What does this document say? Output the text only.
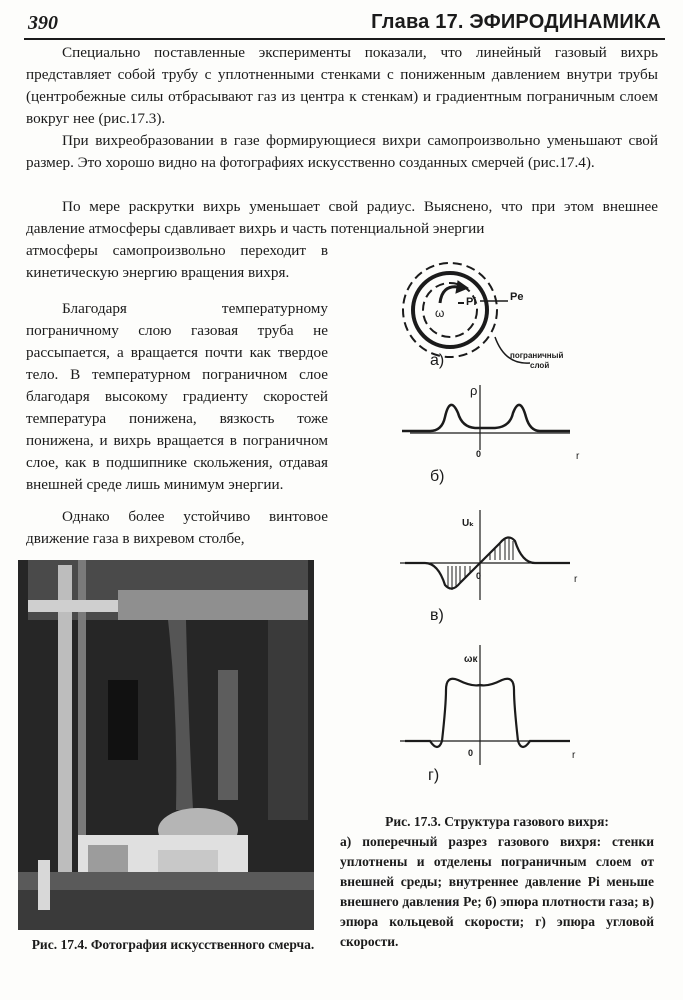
390	Глава 17. ЭФИРОДИНАМИКА

Специально поставленные эксперименты показали, что линейный газовый вихрь представляет собой трубу с уплотненными стенками с пониженным давлением внутри трубы (центробежные силы отбрасывают газ из центра к стенкам) и градиентным пограничным слоем вокруг нее (рис.17.3).

При вихреобразовании в газе формирующиеся вихри самопроизвольно уменьшают свой размер. Это хорошо видно на фотографиях искусственно созданных смерчей (рис.17.4).

По мере раскрутки вихрь уменьшает свой радиус. Выяснено, что при этом внешнее давление атмосферы сдавливает вихрь и часть потенциальной энергии

атмосферы самопроизвольно переходит в кинетическую энергию вращения вихря.

Благодаря температурному пограничному слою газовая труба не рассыпается, а вращается почти как твердое тело. В температурном пограничном слое благодаря высокому градиенту скоростей температура понижена, вязкость тоже понижена, и вихрь вращается в пограничном слое, как в подшипнике скольжения, отдавая внешней среде лишь минимум энергии.

Однако более устойчиво винтовое движение газа в вихревом столбе,

Рис. 17.4. Фотография искусственного смерча.

Pi	Pe
ω
пограничный
слой
а)
ρ
0	r
б)
Uₖ
0	r
в)
ωк
0	r
г)
Рис. 17.3. Структура газового вихря:
а) поперечный разрез газового вихря: стенки уплотнены и отделены пограничным слоем от внешней среды; внутреннее давление Pi меньше внешнего давления Pe; б) эпюра плотности газа; в) эпюра кольцевой скорости; г) эпюра угловой скорости.
